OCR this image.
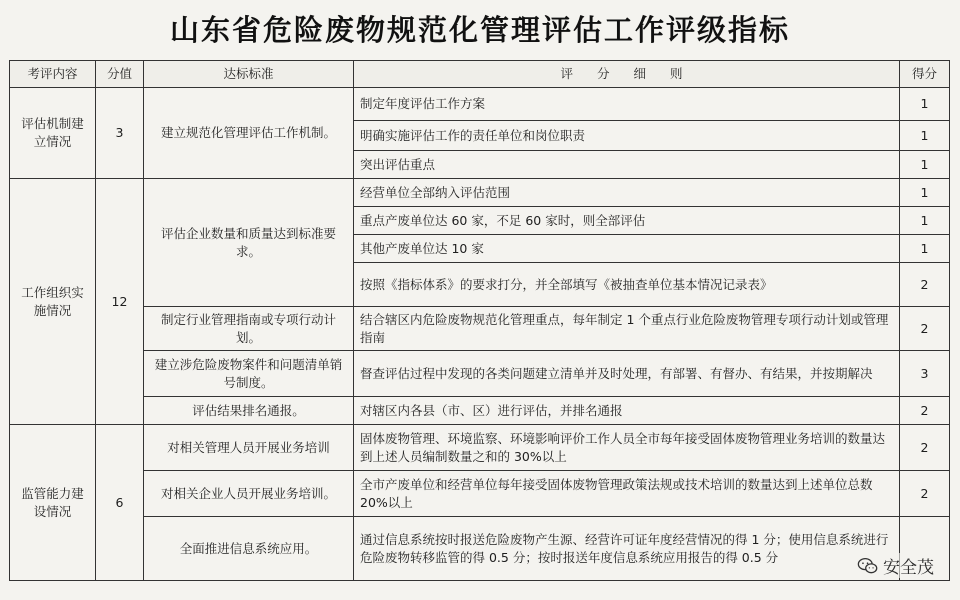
山东省危险废物规范化管理评估工作评级指标
考评内容	分值	达标标准	评 分 细 则	得分
评估机制建立情况	3	建立规范化管理评估工作机制。	制定年度评估工作方案	1
			明确实施评估工作的责任单位和岗位职责	1
			突出评估重点	1
工作组织实施情况	12	评估企业数量和质量达到标准要求。	经营单位全部纳入评估范围	1
			重点产废单位达 60 家，不足 60 家时，则全部评估	1
			其他产废单位达 10 家	1
			按照《指标体系》的要求打分，并全部填写《被抽查单位基本情况记录表》	2
		制定行业管理指南或专项行动计划。	结合辖区内危险废物规范化管理重点，每年制定 1 个重点行业危险废物管理专项行动计划或管理指南	2
		建立涉危险废物案件和问题清单销号制度。	督查评估过程中发现的各类问题建立清单并及时处理，有部署、有督办、有结果，并按期解决	3
		评估结果排名通报。	对辖区内各县（市、区）进行评估，并排名通报	2
监管能力建设情况	6	对相关管理人员开展业务培训	固体废物管理、环境监察、环境影响评价工作人员全市每年接受固体废物管理业务培训的数量达到上述人员编制数量之和的 30%以上	2
		对相关企业人员开展业务培训。	全市产废单位和经营单位每年接受固体废物管理政策法规或技术培训的数量达到上述单位总数 20%以上	2
		全面推进信息系统应用。	通过信息系统按时报送危险废物产生源、经营许可证年度经营情况的得 1 分；使用信息系统进行危险废物转移监管的得 0.5 分；按时报送年度信息系统应用报告的得 0.5 分	
安全茂
